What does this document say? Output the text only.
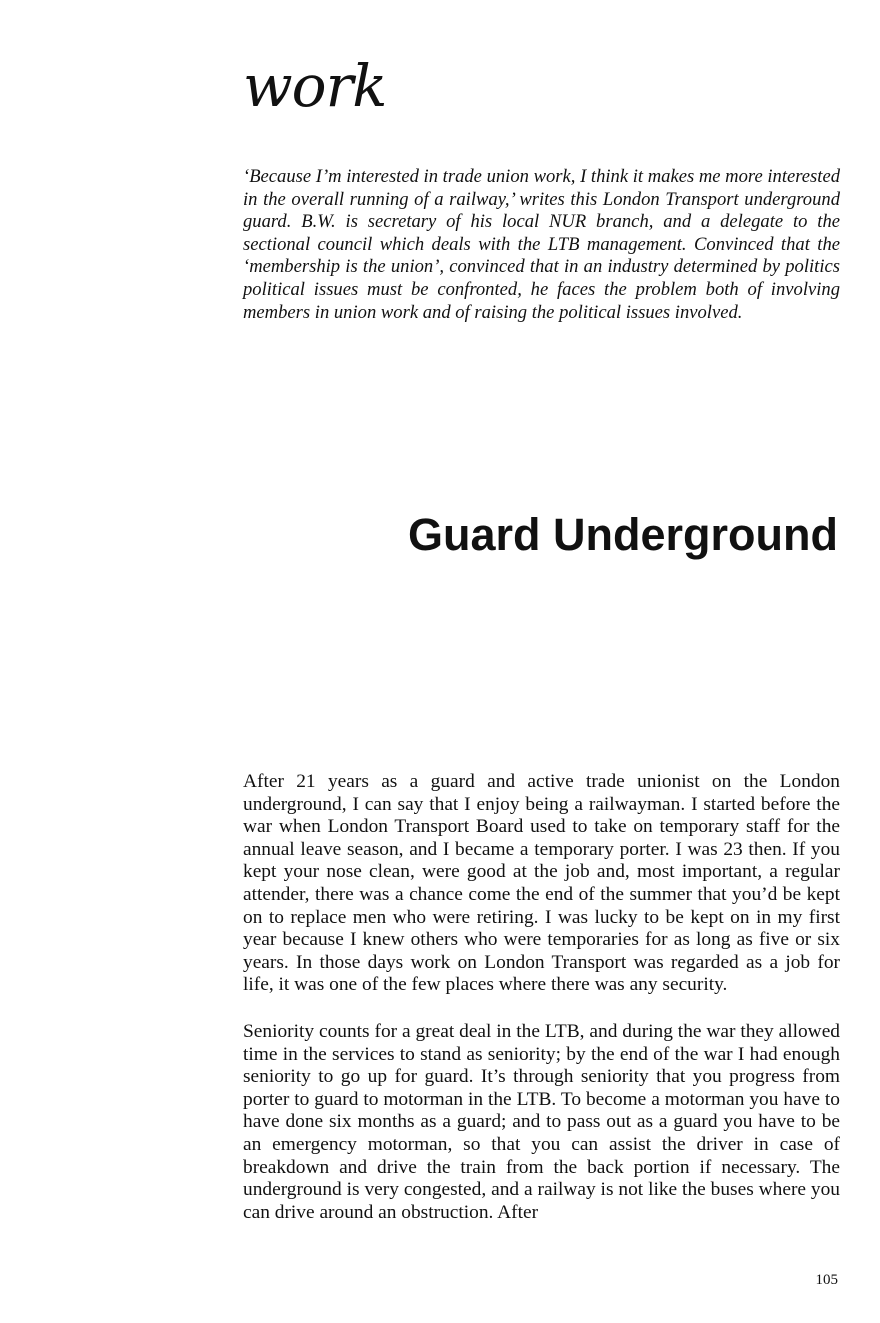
work

‘Because I’m interested in trade union work, I think it makes me more interested in the overall running of a railway,’ writes this London Transport underground guard. B.W. is secretary of his local NUR branch, and a delegate to the sectional council which deals with the LTB management. Convinced that the ‘membership is the union’, convinced that in an industry determined by politics political issues must be confronted, he faces the problem both of involving members in union work and of raising the political issues involved.

Guard Underground

After 21 years as a guard and active trade unionist on the London underground, I can say that I enjoy being a railwayman. I started before the war when London Transport Board used to take on temporary staff for the annual leave season, and I became a temporary porter. I was 23 then. If you kept your nose clean, were good at the job and, most important, a regular attender, there was a chance come the end of the summer that you’d be kept on to replace men who were retiring. I was lucky to be kept on in my first year because I knew others who were temporaries for as long as five or six years. In those days work on London Transport was regarded as a job for life, it was one of the few places where there was any security.

Seniority counts for a great deal in the LTB, and during the war they allowed time in the services to stand as seniority; by the end of the war I had enough seniority to go up for guard. It’s through seniority that you progress from porter to guard to motorman in the LTB. To become a motorman you have to have done six months as a guard; and to pass out as a guard you have to be an emergency motorman, so that you can assist the driver in case of breakdown and drive the train from the back portion if necessary. The underground is very congested, and a railway is not like the buses where you can drive around an obstruction. After

105
